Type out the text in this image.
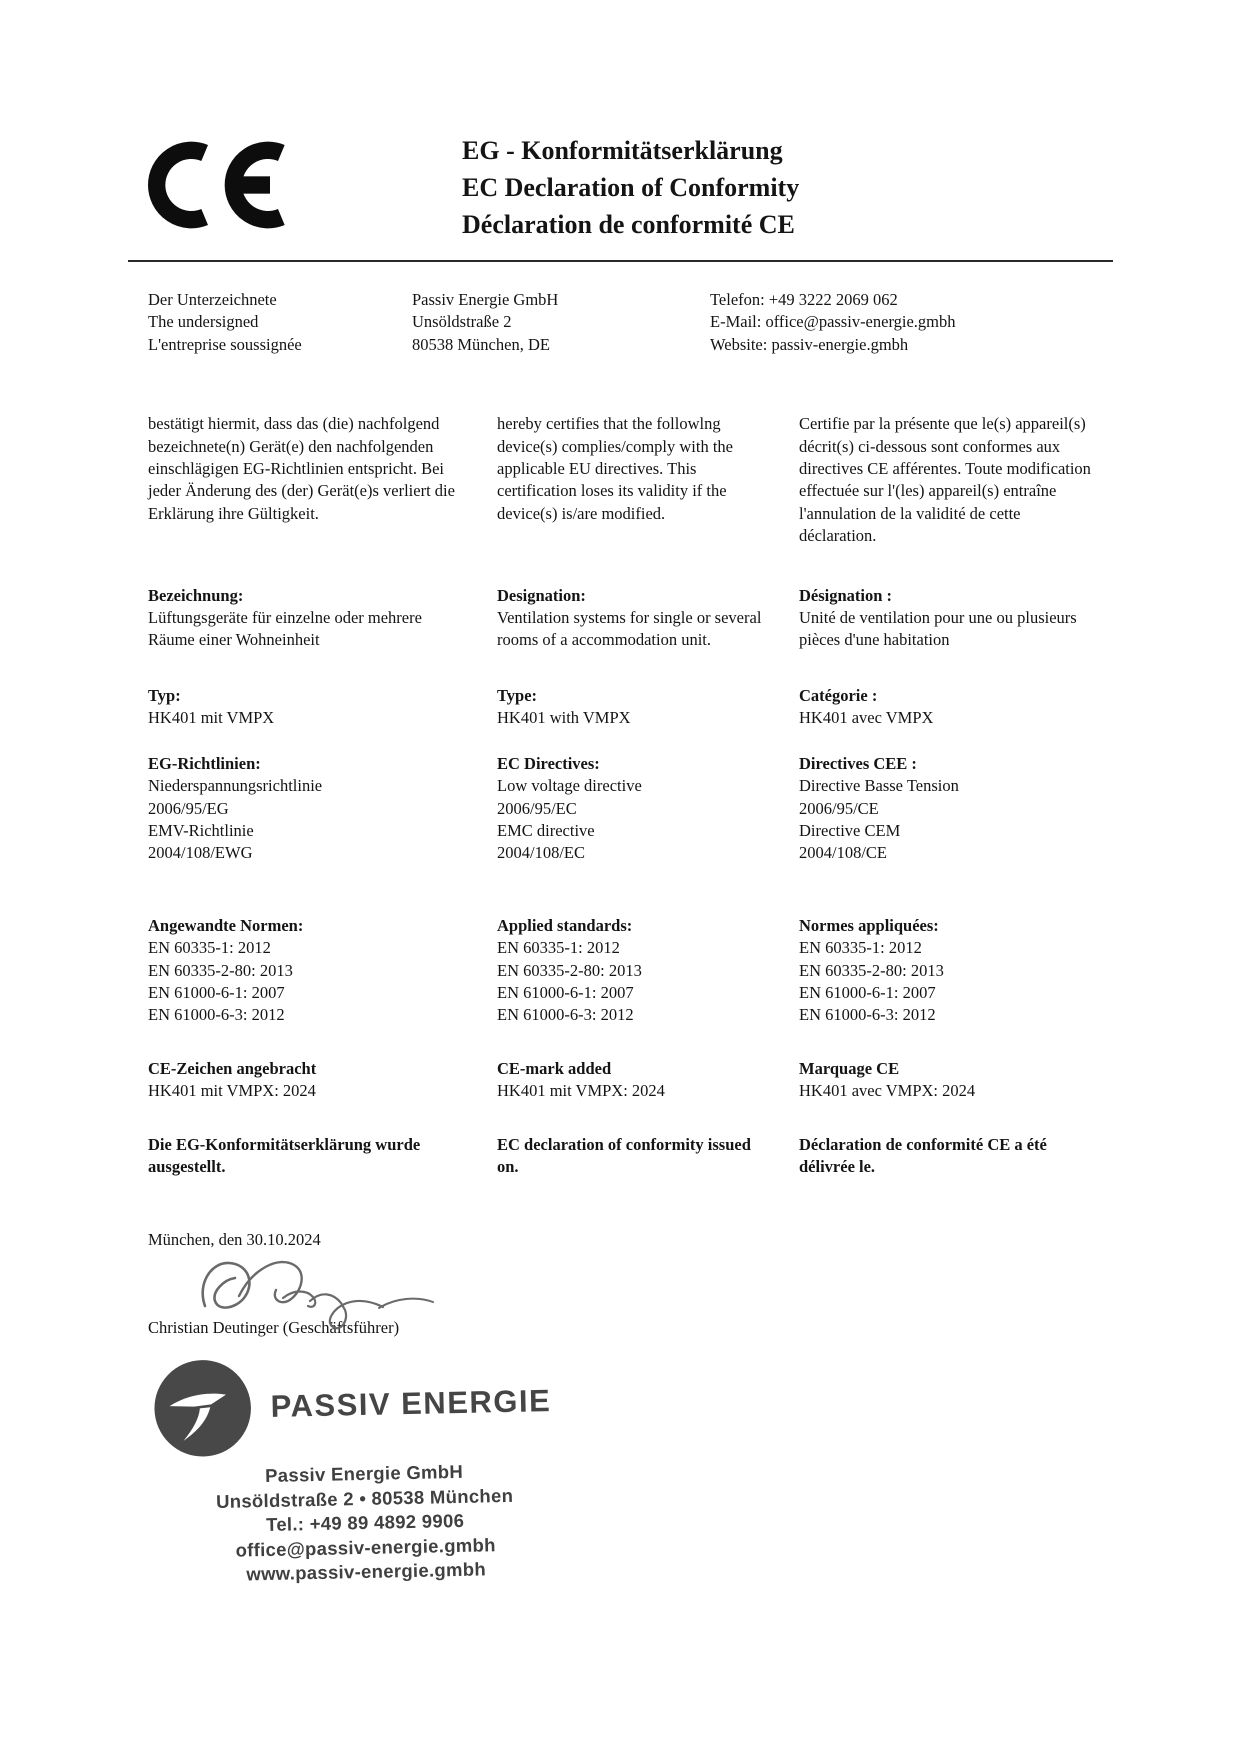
EG - Konformitätserklärung
EC Declaration of Conformity
Déclaration de conformité CE
Der Unterzeichnete
The undersigned
L'entreprise soussignée
Passiv Energie GmbH
Unsöldstraße 2
80538 München, DE
Telefon: +49 3222 2069 062
E-Mail: office@passiv-energie.gmbh
Website: passiv-energie.gmbh
bestätigt hiermit, dass das (die) nachfolgend bezeichnete(n) Gerät(e) den nachfolgenden einschlägigen EG-Richtlinien entspricht. Bei jeder Änderung des (der) Gerät(e)s verliert die Erklärung ihre Gültigkeit.
hereby certifies that the followlng device(s) complies/comply with the applicable EU directives. This certification loses its validity if the device(s) is/are modified.
Certifie par la présente que le(s) appareil(s) décrit(s) ci-dessous sont conformes aux directives CE afférentes. Toute modification effectuée sur l'(les) appareil(s) entraîne l'annulation de la validité de cette déclaration.
Bezeichnung:
Lüftungsgeräte für einzelne oder mehrere Räume einer Wohneinheit
Typ:
HK401 mit VMPX
Designation:
Ventilation systems for single or several rooms of a accommodation unit.
Type:
HK401 with VMPX
Désignation :
Unité de ventilation pour une ou plusieurs pièces d'une habitation
Catégorie :
HK401 avec VMPX
EG-Richtlinien:
Niederspannungsrichtlinie
2006/95/EG
EMV-Richtlinie
2004/108/EWG
EC Directives:
Low voltage directive
2006/95/EC
EMC directive
2004/108/EC
Directives CEE :
Directive Basse Tension
2006/95/CE
Directive CEM
2004/108/CE
Angewandte Normen:
EN 60335-1: 2012
EN 60335-2-80: 2013
EN 61000-6-1: 2007
EN 61000-6-3: 2012
Applied standards:
EN 60335-1: 2012
EN 60335-2-80: 2013
EN 61000-6-1: 2007
EN 61000-6-3: 2012
Normes appliquées:
EN 60335-1: 2012
EN 60335-2-80: 2013
EN 61000-6-1: 2007
EN 61000-6-3: 2012
CE-Zeichen angebracht
HK401 mit VMPX: 2024
CE-mark added
HK401 mit VMPX: 2024
Marquage CE
HK401 avec VMPX: 2024
Die EG-Konformitätserklärung wurde ausgestellt.
EC declaration of conformity issued on.
Déclaration de conformité CE a été délivrée le.
München, den 30.10.2024
Christian Deutinger (Geschäftsführer)
PASSIV ENERGIE
Passiv Energie GmbH
Unsöldstraße 2 • 80538 München
Tel.: +49 89 4892 9906
office@passiv-energie.gmbh
www.passiv-energie.gmbh
